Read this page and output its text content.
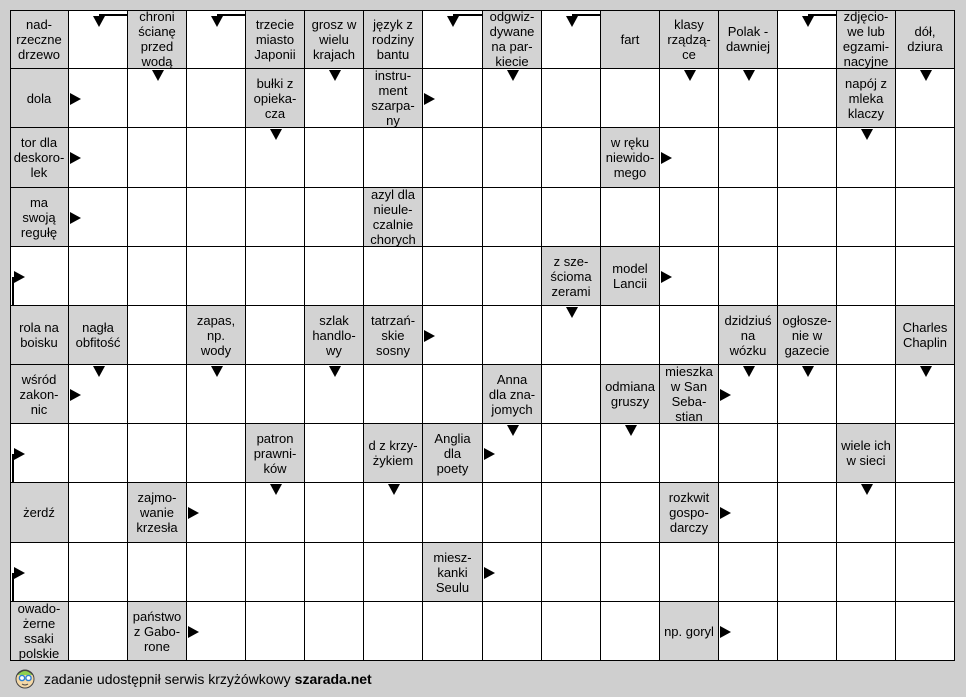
nad-
rzeczne
drzewo
chroni
ścianę
przed
wodą
trzecie
miasto
Japonii
grosz w
wielu
krajach
język z
rodziny
bantu
odgwiz-
dywane
na par-
kiecie
fart
klasy
rządzą-
ce
Polak -
dawniej
zdjęcio-
we lub
egzami-
nacyjne
dół,
dziura
dola
bułki z
opieka-
cza
instru-
ment
szarpa-
ny
napój z
mleka
klaczy
tor dla
deskoro-
lek
w ręku
niewido-
mego
ma
swoją
regułę
azyl dla
nieule-
czalnie
chorych
z sze-
ścioma
zerami
model
Lancii
rola na
boisku
nagła
obfitość
zapas,
np.
wody
szlak
handlo-
wy
tatrzań-
skie
sosny
dzidziuś
na
wózku
ogłosze-
nie w
gazecie
Charles
Chaplin
wśród
zakon-
nic
Anna
dla zna-
jomych
odmiana
gruszy
mieszka
w San
Seba-
stian
patron
prawni-
ków
d z krzy-
żykiem
Anglia
dla
poety
wiele ich
w sieci
żerdź
zajmo-
wanie
krzesła
rozkwit
gospo-
darczy
miesz-
kanki
Seulu
owado-
żerne
ssaki
polskie
państwo
z Gabo-
rone
np. goryl
zadanie udostępnił serwis krzyżówkowy szarada.net
